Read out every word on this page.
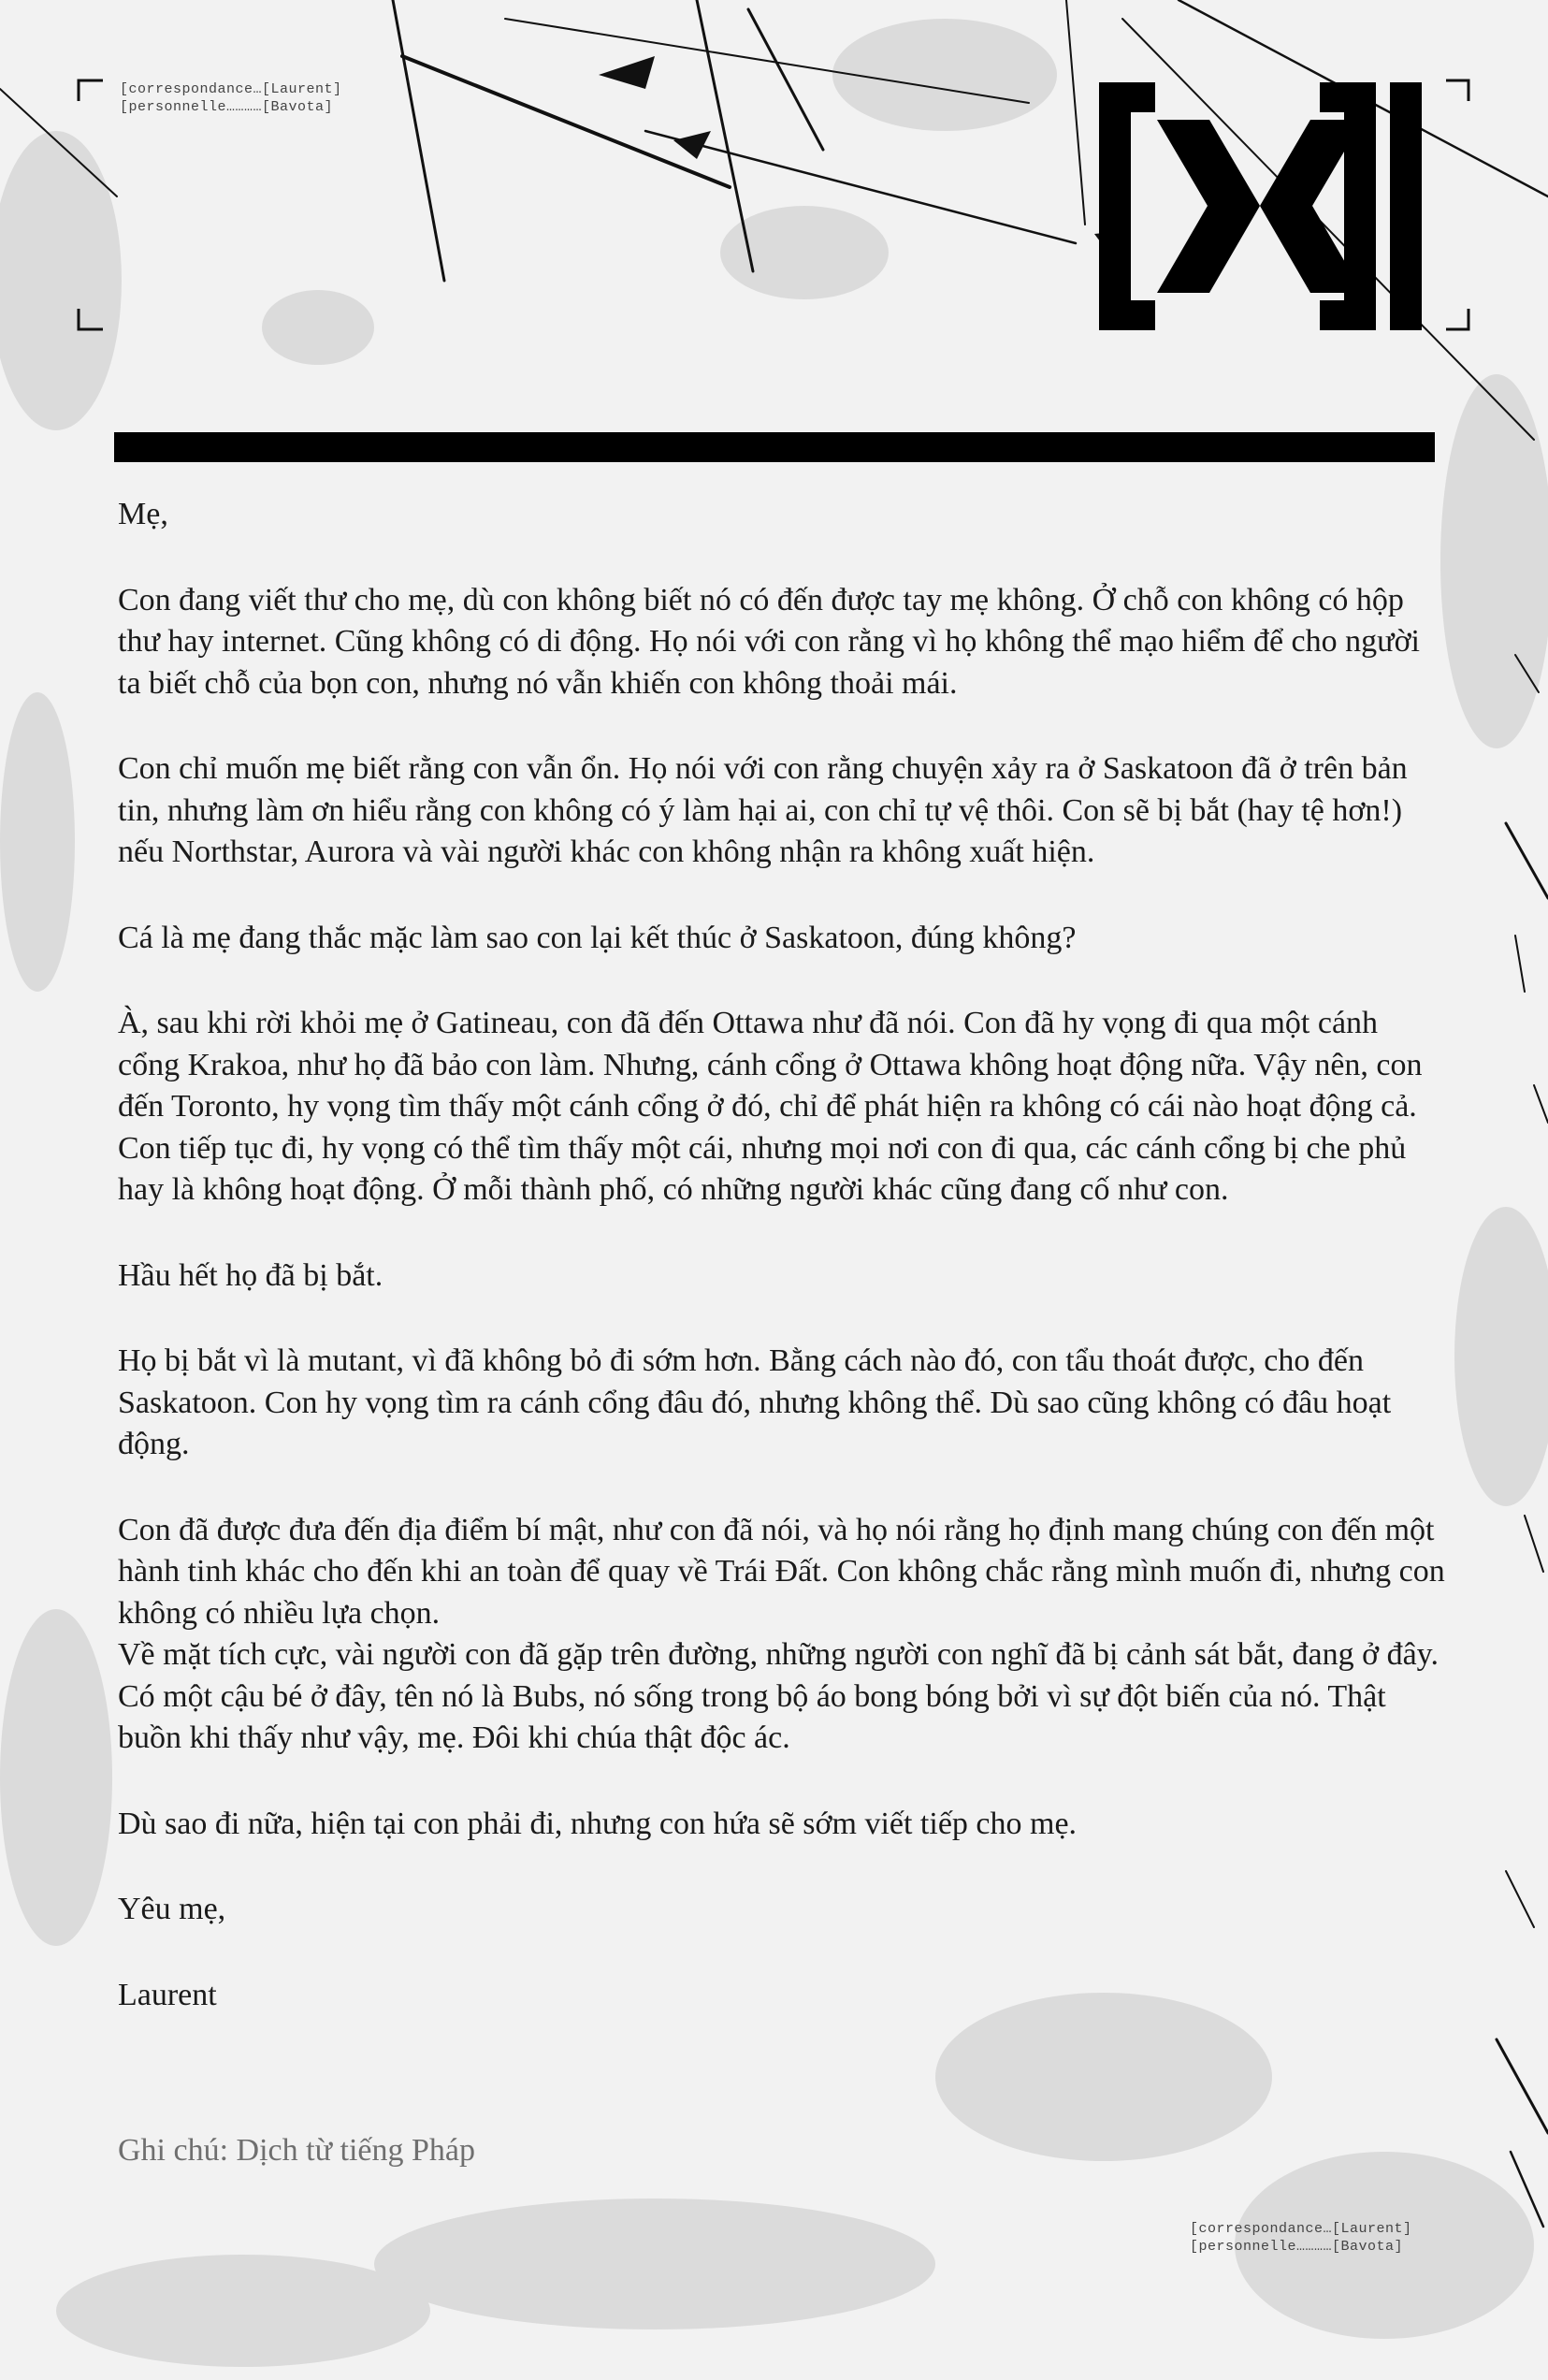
[correspondance…[Laurent]
[personnelle…………[Bavota]

Mẹ,

Con đang viết thư cho mẹ, dù con không biết nó có đến được tay mẹ không. Ở chỗ con không có hộp thư hay internet. Cũng không có di động. Họ nói với con rằng vì họ không thể mạo hiểm để cho người ta biết chỗ của bọn con, nhưng nó vẫn khiến con không thoải mái.

Con chỉ muốn mẹ biết rằng con vẫn ổn. Họ nói với con rằng chuyện xảy ra ở Saskatoon đã ở trên bản tin, nhưng làm ơn hiểu rằng con không có ý làm hại ai, con chỉ tự vệ thôi. Con sẽ bị bắt (hay tệ hơn!) nếu Northstar, Aurora và vài người khác con không nhận ra không xuất hiện.

Cá là mẹ đang thắc mặc làm sao con lại kết thúc ở Saskatoon, đúng không?

À, sau khi rời khỏi mẹ ở Gatineau, con đã đến Ottawa như đã nói. Con đã hy vọng đi qua một cánh cổng Krakoa, như họ đã bảo con làm. Nhưng, cánh cổng ở Ottawa không hoạt động nữa. Vậy nên, con đến Toronto, hy vọng tìm thấy một cánh cổng ở đó, chỉ để phát hiện ra không có cái nào hoạt động cả. Con tiếp tục đi, hy vọng có thể tìm thấy một cái, nhưng mọi nơi con đi qua, các cánh cổng bị che phủ hay là không hoạt động. Ở mỗi thành phố, có những người khác cũng đang cố như con.

Hầu hết họ đã bị bắt.

Họ bị bắt vì là mutant, vì đã không bỏ đi sớm hơn. Bằng cách nào đó, con tẩu thoát được, cho đến Saskatoon. Con hy vọng tìm ra cánh cổng đâu đó, nhưng không thể. Dù sao cũng không có đâu hoạt động.

Con đã được đưa đến địa điểm bí mật, như con đã nói, và họ nói rằng họ định mang chúng con đến một hành tinh khác cho đến khi an toàn để quay về Trái Đất. Con không chắc rằng mình muốn đi, nhưng con không có nhiều lựa chọn.

Về mặt tích cực, vài người con đã gặp trên đường, những người con nghĩ đã bị cảnh sát bắt, đang ở đây. Có một cậu bé ở đây, tên nó là Bubs, nó sống trong bộ áo bong bóng bởi vì sự đột biến của nó. Thật buồn khi thấy như vậy, mẹ. Đôi khi chúa thật độc ác.

Dù sao đi nữa, hiện tại con phải đi, nhưng con hứa sẽ sớm viết tiếp cho mẹ.

Yêu mẹ,

Laurent

Ghi chú: Dịch từ tiếng Pháp
[correspondance…[Laurent]
[personnelle…………[Bavota]
